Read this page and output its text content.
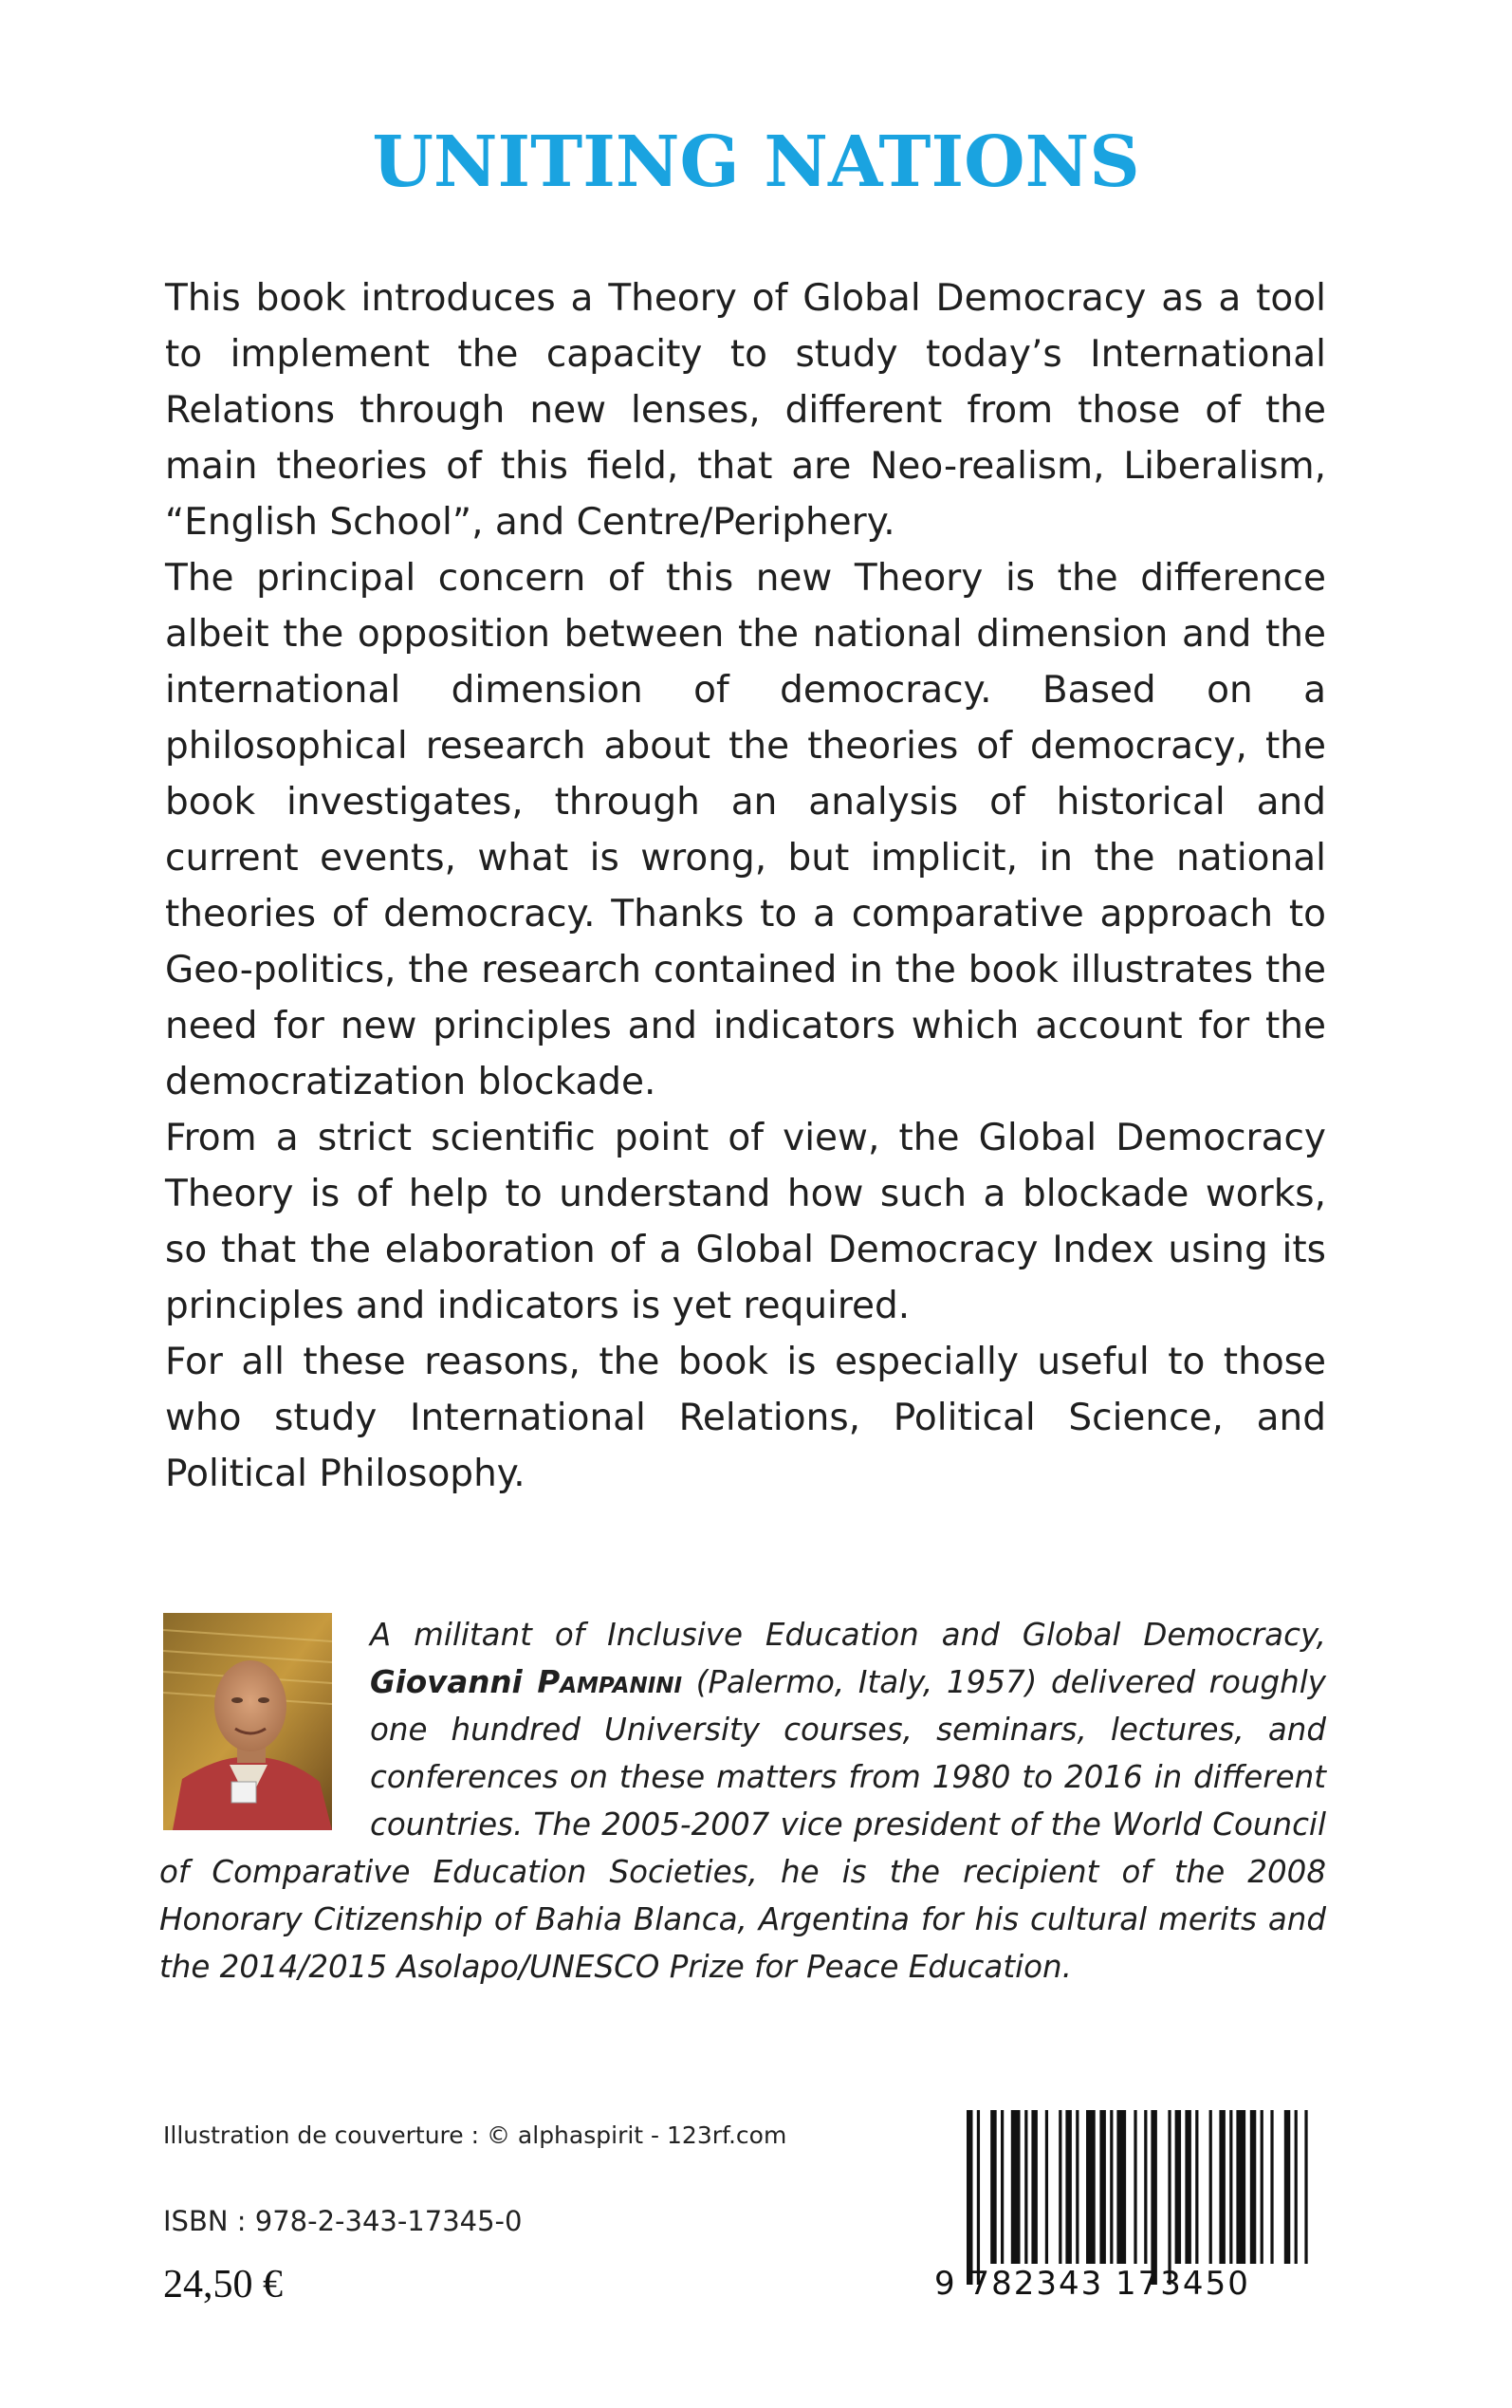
UNITING NATIONS

This book introduces a Theory of Global Democracy as a tool to implement the capacity to study today’s International Relations through new lenses, different from those of the main theories of this field, that are Neo-realism, Liberalism, “English School”, and Centre/Periphery.

The principal concern of this new Theory is the difference albeit the opposition between the national dimension and the international dimension of democracy. Based on a philosophical research about the theories of democracy, the book investigates, through an analysis of historical and current events, what is wrong, but implicit, in the national theories of democracy. Thanks to a comparative approach to Geo-politics, the research contained in the book illustrates the need for new principles and indicators which account for the democratization blockade.

From a strict scientific point of view, the Global Democracy Theory is of help to understand how such a blockade works, so that the elaboration of a Global Democracy Index using its principles and indicators is yet required.

For all these reasons, the book is especially useful to those who study International Relations, Political Science, and Political Philosophy.

A militant of Inclusive Education and Global Democracy, Giovanni Pampanini (Palermo, Italy, 1957) delivered roughly one hundred University courses, seminars, lectures, and conferences on these matters from 1980 to 2016 in different countries. The 2005-2007 vice president of the World Council of Comparative Education Societies, he is the recipient of the 2008 Honorary Citizenship of Bahia Blanca, Argentina for his cultural merits and the 2014/2015 Asolapo/UNESCO Prize for Peace Education.

Illustration de couverture : © alphaspirit - 123rf.com
ISBN : 978-2-343-17345-0
24,50 €	9 782343 173450
